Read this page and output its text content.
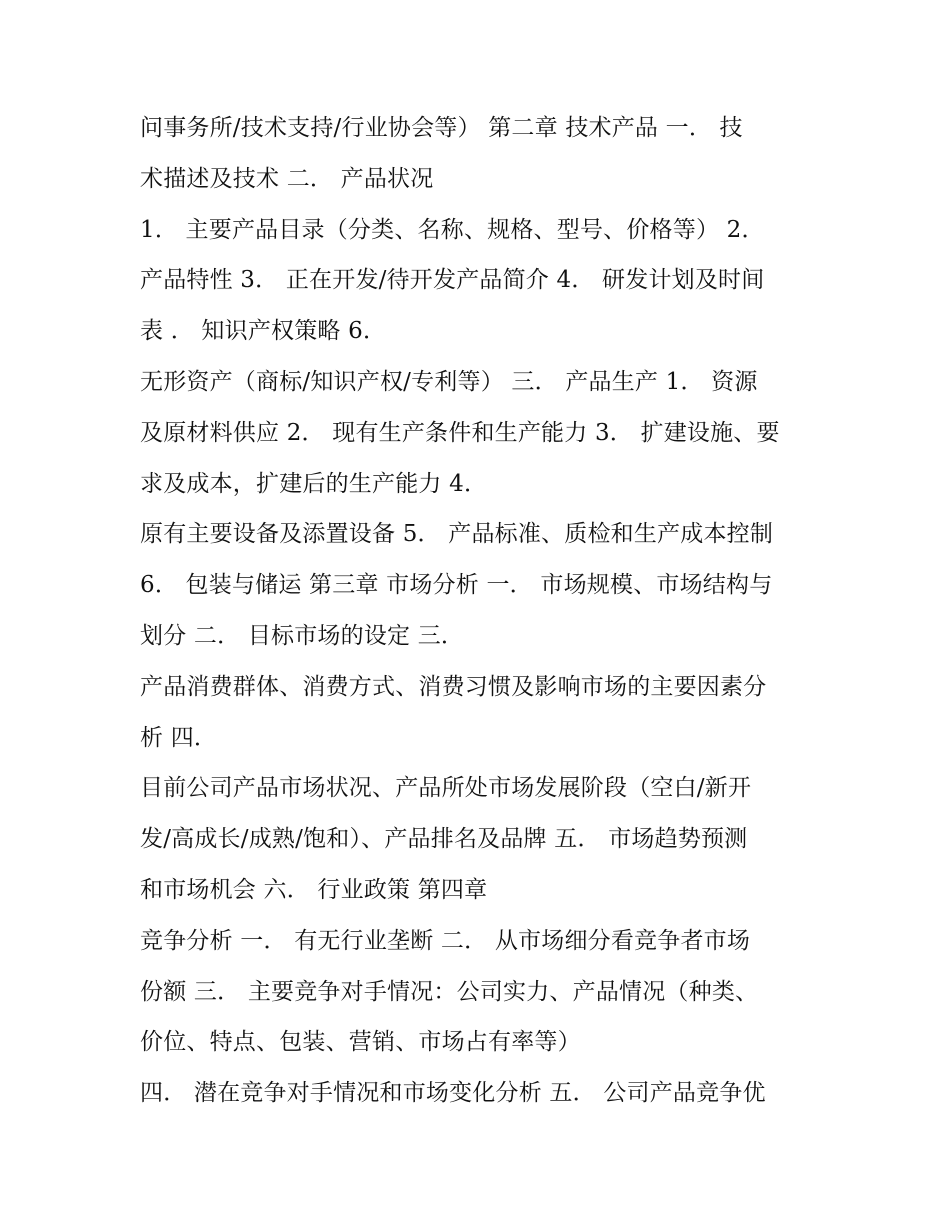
问事务所/技术支持/行业协会等） 第二章 技术产品 一． 技
术描述及技术 二． 产品状况
1． 主要产品目录（分类、名称、规格、型号、价格等） 2．
产品特性 3． 正在开发/待开发产品简介 4． 研发计划及时间
表 ． 知识产权策略 6．
无形资产（商标/知识产权/专利等） 三． 产品生产 1． 资源
及原材料供应 2． 现有生产条件和生产能力 3． 扩建设施、要
求及成本，扩建后的生产能力 4．
原有主要设备及添置设备 5． 产品标准、质检和生产成本控制
6． 包装与储运 第三章 市场分析 一． 市场规模、市场结构与
划分 二． 目标市场的设定 三．
产品消费群体、消费方式、消费习惯及影响市场的主要因素分
析 四．
目前公司产品市场状况、产品所处市场发展阶段（空白/新开
发/高成长/成熟/饱和）、产品排名及品牌 五． 市场趋势预测
和市场机会 六． 行业政策 第四章
竞争分析 一． 有无行业垄断 二． 从市场细分看竞争者市场
份额 三． 主要竞争对手情况：公司实力、产品情况（种类、
价位、特点、包装、营销、市场占有率等）
四． 潜在竞争对手情况和市场变化分析 五． 公司产品竞争优
